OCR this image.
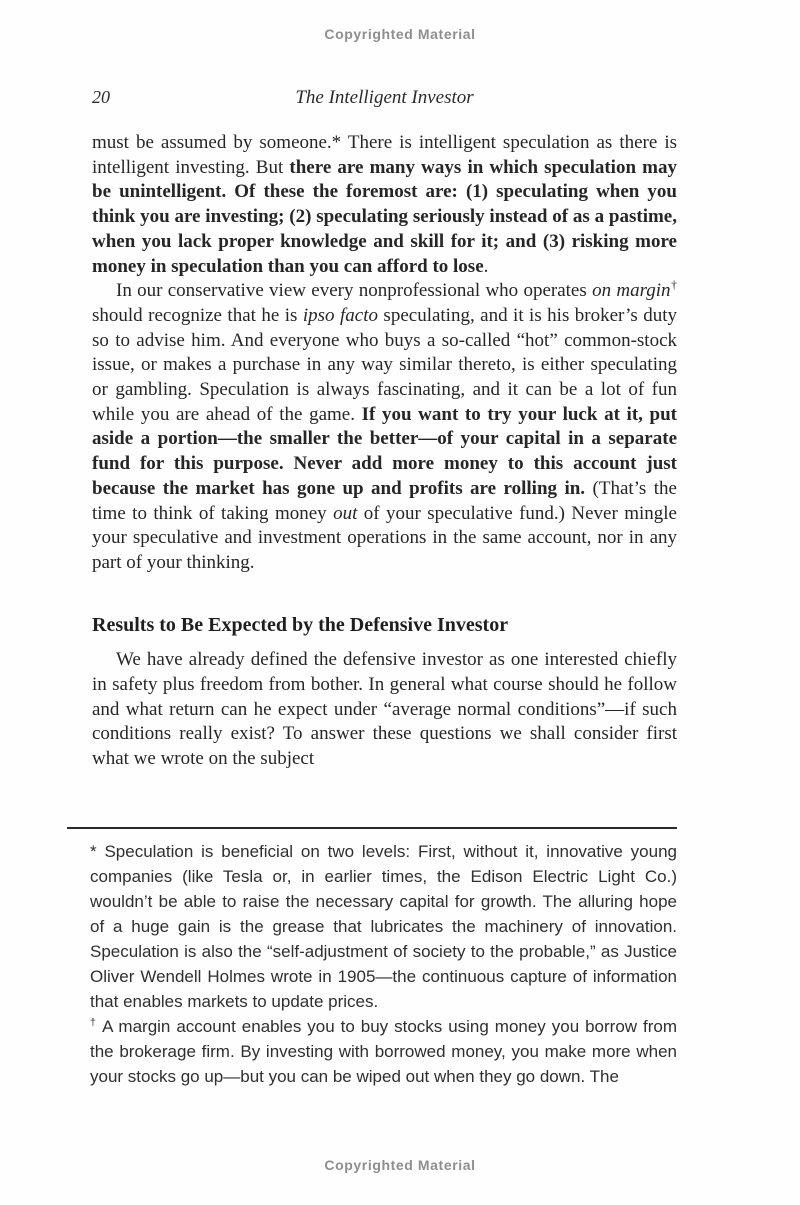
Copyrighted Material
20	The Intelligent Investor

must be assumed by someone.* There is intelligent speculation as there is intelligent investing. But there are many ways in which speculation may be unintelligent. Of these the foremost are: (1) speculating when you think you are investing; (2) speculating seriously instead of as a pastime, when you lack proper knowledge and skill for it; and (3) risking more money in speculation than you can afford to lose.

In our conservative view every nonprofessional who operates on margin† should recognize that he is ipso facto speculating, and it is his broker’s duty so to advise him. And everyone who buys a so-called “hot” common-stock issue, or makes a purchase in any way similar thereto, is either speculating or gambling. Speculation is always fascinating, and it can be a lot of fun while you are ahead of the game. If you want to try your luck at it, put aside a portion—the smaller the better—of your capital in a separate fund for this purpose. Never add more money to this account just because the market has gone up and profits are rolling in. (That’s the time to think of taking money out of your speculative fund.) Never mingle your speculative and investment operations in the same account, nor in any part of your thinking.

Results to Be Expected by the Defensive Investor

We have already defined the defensive investor as one interested chiefly in safety plus freedom from bother. In general what course should he follow and what return can he expect under “average normal conditions”—if such conditions really exist? To answer these questions we shall consider first what we wrote on the subject

* Speculation is beneficial on two levels: First, without it, innovative young companies (like Tesla or, in earlier times, the Edison Electric Light Co.) wouldn’t be able to raise the necessary capital for growth. The alluring hope of a huge gain is the grease that lubricates the machinery of innovation. Speculation is also the “self-adjustment of society to the probable,” as Justice Oliver Wendell Holmes wrote in 1905—the continuous capture of information that enables markets to update prices.

† A margin account enables you to buy stocks using money you borrow from the brokerage firm. By investing with borrowed money, you make more when your stocks go up—but you can be wiped out when they go down. The

Copyrighted Material
